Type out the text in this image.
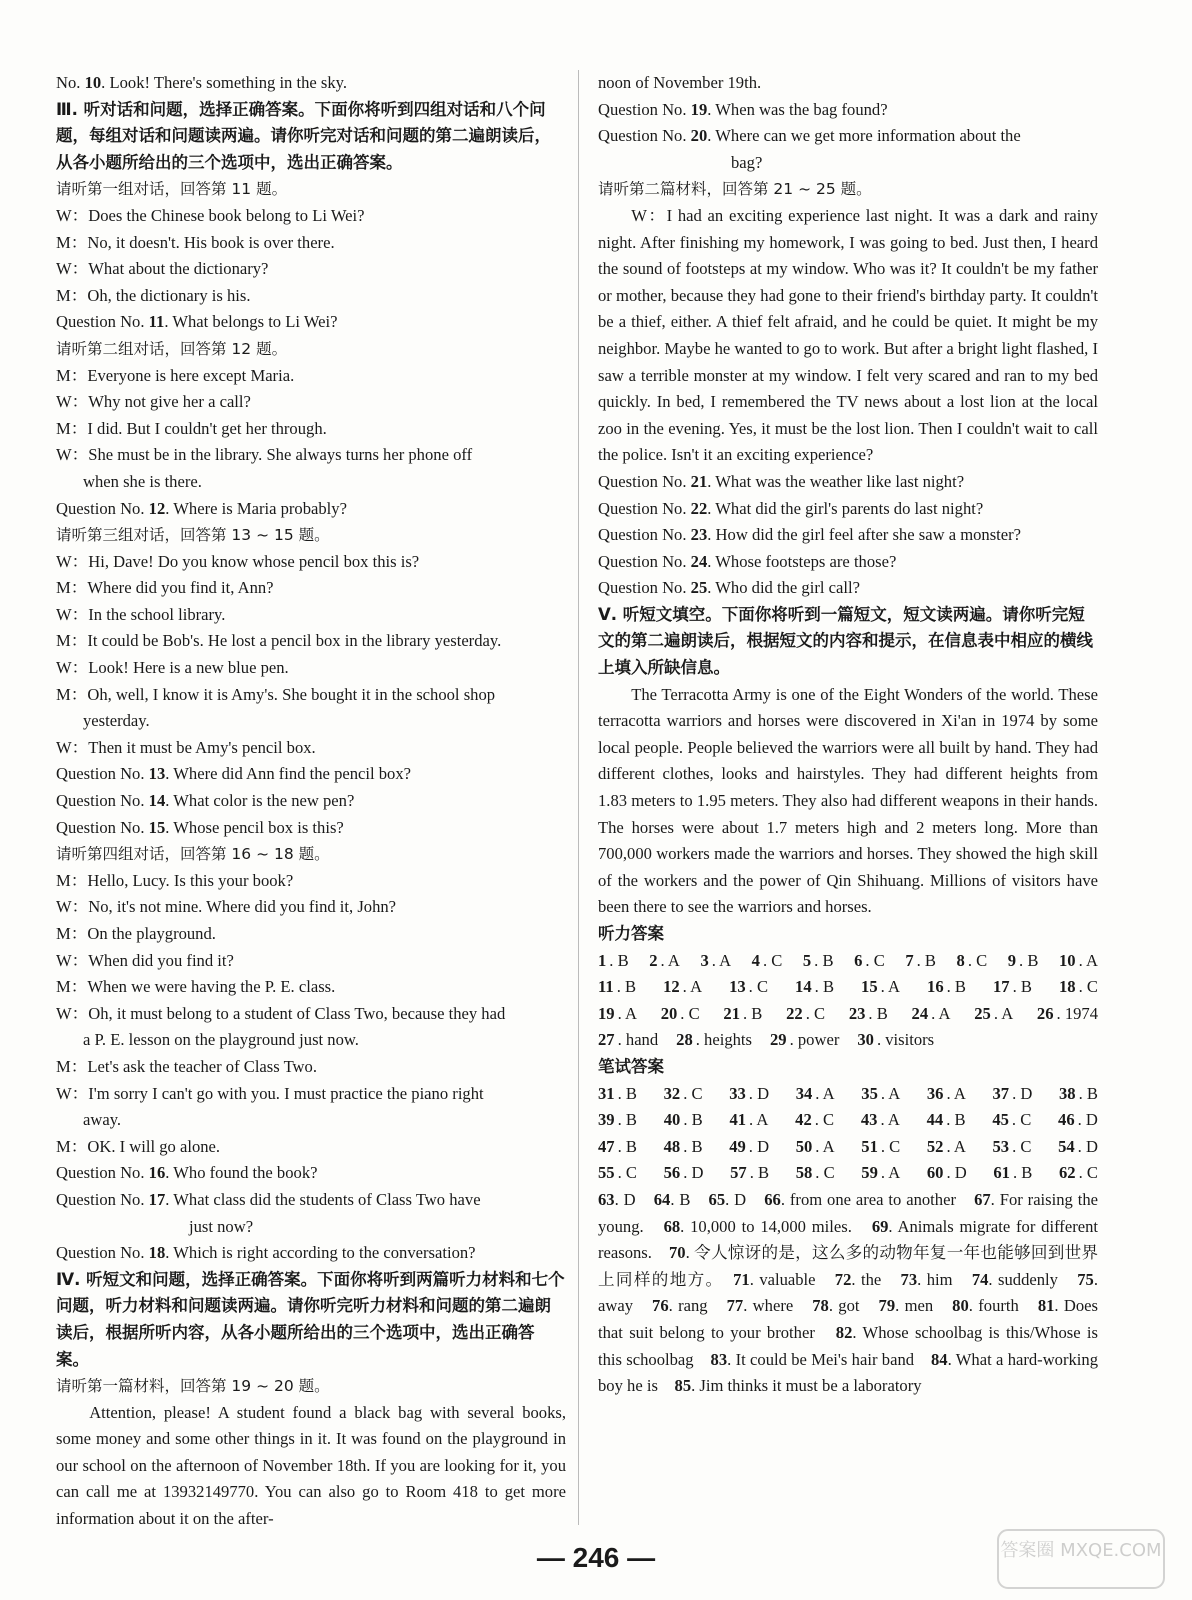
No. 10. Look! There's something in the sky.
Ⅲ. 听对话和问题，选择正确答案。下面你将听到四组对话和八个问题，每组对话和问题读两遍。请你听完对话和问题的第二遍朗读后，从各小题所给出的三个选项中，选出正确答案。
请听第一组对话，回答第 11 题。
W：Does the Chinese book belong to Li Wei?
M：No, it doesn't. His book is over there.
W：What about the dictionary?
M：Oh, the dictionary is his.
Question No. 11. What belongs to Li Wei?
请听第二组对话，回答第 12 题。
M：Everyone is here except Maria.
W：Why not give her a call?
M：I did. But I couldn't get her through.
W：She must be in the library. She always turns her phone off
when she is there.
Question No. 12. Where is Maria probably?
请听第三组对话，回答第 13 ~ 15 题。
W：Hi, Dave! Do you know whose pencil box this is?
M：Where did you find it, Ann?
W：In the school library.
M：It could be Bob's. He lost a pencil box in the library yesterday.
W：Look! Here is a new blue pen.
M：Oh, well, I know it is Amy's. She bought it in the school shop
yesterday.
W：Then it must be Amy's pencil box.
Question No. 13. Where did Ann find the pencil box?
Question No. 14. What color is the new pen?
Question No. 15. Whose pencil box is this?
请听第四组对话，回答第 16 ~ 18 题。
M：Hello, Lucy. Is this your book?
W：No, it's not mine. Where did you find it, John?
M：On the playground.
W：When did you find it?
M：When we were having the P. E. class.
W：Oh, it must belong to a student of Class Two, because they had
a P. E. lesson on the playground just now.
M：Let's ask the teacher of Class Two.
W：I'm sorry I can't go with you. I must practice the piano right
away.
M：OK. I will go alone.
Question No. 16. Who found the book?
Question No. 17. What class did the students of Class Two have
just now?
Question No. 18. Which is right according to the conversation?
Ⅳ. 听短文和问题，选择正确答案。下面你将听到两篇听力材料和七个问题，听力材料和问题读两遍。请你听完听力材料和问题的第二遍朗读后，根据所听内容，从各小题所给出的三个选项中，选出正确答案。
请听第一篇材料，回答第 19 ~ 20 题。
Attention, please! A student found a black bag with several books, some money and some other things in it. It was found on the playground in our school on the afternoon of November 18th. If you are looking for it, you can call me at 13932149770. You can also go to Room 418 to get more information about it on the after-
noon of November 19th.
Question No. 19. When was the bag found?
Question No. 20. Where can we get more information about the
bag?
请听第二篇材料，回答第 21 ~ 25 题。
W：I had an exciting experience last night. It was a dark and rainy night. After finishing my homework, I was going to bed. Just then, I heard the sound of footsteps at my window. Who was it? It couldn't be my father or mother, because they had gone to their friend's birthday party. It couldn't be a thief, either. A thief felt afraid, and he could be quiet. It might be my neighbor. Maybe he wanted to go to work. But after a bright light flashed, I saw a terrible monster at my window. I felt very scared and ran to my bed quickly. In bed, I remembered the TV news about a lost lion at the local zoo in the evening. Yes, it must be the lost lion. Then I couldn't wait to call the police. Isn't it an exciting experience?
Question No. 21. What was the weather like last night?
Question No. 22. What did the girl's parents do last night?
Question No. 23. How did the girl feel after she saw a monster?
Question No. 24. Whose footsteps are those?
Question No. 25. Who did the girl call?
Ⅴ. 听短文填空。下面你将听到一篇短文，短文读两遍。请你听完短文的第二遍朗读后，根据短文的内容和提示，在信息表中相应的横线上填入所缺信息。
The Terracotta Army is one of the Eight Wonders of the world. These terracotta warriors and horses were discovered in Xi'an in 1974 by some local people. People believed the warriors were all built by hand. They had different clothes, looks and hairstyles. They had different heights from 1.83 meters to 1.95 meters. They also had different weapons in their hands. The horses were about 1.7 meters high and 2 meters long. More than 700,000 workers made the warriors and horses. They showed the high skill of the workers and the power of Qin Shihuang. Millions of visitors have been there to see the warriors and horses.
听力答案
1 . B 2 . A 3 . A 4 . C 5 . B 6 . C 7 . B 8 . C 9 . B 10 . A
11 . B 12 . A 13 . C 14 . B 15 . A 16 . B 17 . B 18 . C
19 . A 20 . C 21 . B 22 . C 23 . B 24 . A 25 . A 26 . 1974
27 . hand 28 . heights 29 . power 30 . visitors
笔试答案
31 . B 32 . C 33 . D 34 . A 35 . A 36 . A 37 . D 38 . B
39 . B 40 . B 41 . A 42 . C 43 . A 44 . B 45 . C 46 . D
47 . B 48 . B 49 . D 50 . A 51 . C 52 . A 53 . C 54 . D
55 . C 56 . D 57 . B 58 . C 59 . A 60 . D 61 . B 62 . C
63. D　64. B　65. D　66. from one area to another　67. For raising the young.　68. 10,000 to 14,000 miles.　69. Animals migrate for different reasons.　70. 令人惊讶的是，这么多的动物年复一年也能够回到世界上同样的地方。　71. valuable　72. the　73. him　74. suddenly　75. away　76. rang　77. where　78. got　79. men　80. fourth　81. Does that suit belong to your brother　82. Whose schoolbag is this/Whose is this schoolbag　83. It could be Mei's hair band　84. What a hard-working boy he is　85. Jim thinks it must be a laboratory
— 246 —	答案圈 MXQE.COM
